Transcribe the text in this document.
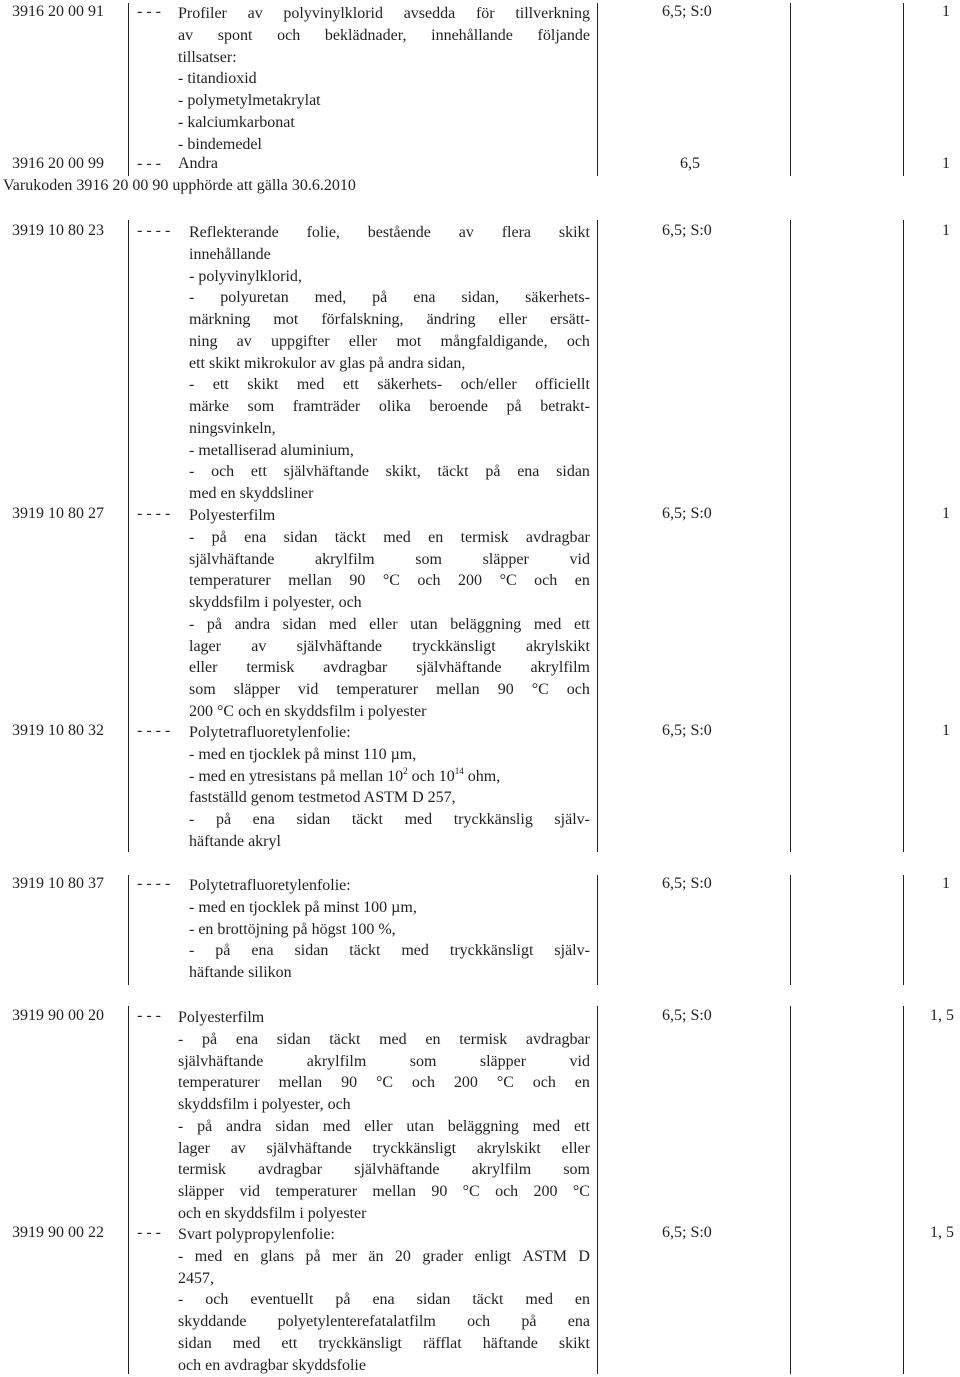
3916 20 00 91 - - - Profiler av polyvinylklorid avsedda för tillverkning
av spont och beklädnader, innehållande följande
tillsatser:
- titandioxid
- polymetylmetakrylat
- kalciumkarbonat
- bindemedel
6,5; S:0	1
3916 20 00 99 - - - Andra	6,5	1
Varukoden 3916 20 00 90 upphörde att gälla 30.6.2010
3919 10 80 23 - - - - Reflekterande folie, bestående av flera skikt
innehållande
- polyvinylklorid,
- polyuretan med, på ena sidan, säkerhets-
märkning mot förfalskning, ändring eller ersätt-
ning av uppgifter eller mot mångfaldigande, och
ett skikt mikrokulor av glas på andra sidan,
- ett skikt med ett säkerhets- och/eller officiellt
märke som framträder olika beroende på betrakt-
ningsvinkeln,
- metalliserad aluminium,
- och ett självhäftande skikt, täckt på ena sidan
med en skyddsliner
6,5; S:0	1
3919 10 80 27 - - - - Polyesterfilm
- på ena sidan täckt med en termisk avdragbar
självhäftande	akrylfilm	som	släpper	vid
temperaturer mellan 90 °C och 200 °C och en
skyddsfilm i polyester, och
- på andra sidan med eller utan beläggning med ett
lager av självhäftande tryckkänsligt akrylskikt
eller termisk avdragbar självhäftande akrylfilm
som släpper vid temperaturer mellan 90 °C och
200 °C och en skyddsfilm i polyester
6,5; S:0	1
3919 10 80 32 - - - - Polytetrafluoretylenfolie:
- med en tjocklek på minst 110 µm,
- med en ytresistans på mellan $10^2$ och $10^{14}$ ohm,
fastställd genom testmetod ASTM D 257,
- på ena sidan täckt med tryckkänslig själv-
häftande akryl
6,5; S:0	1
3919 10 80 37 - - - - Polytetrafluoretylenfolie:
- med en tjocklek på minst 100 µm,
- en brottöjning på högst 100 %,
- på ena sidan täckt med tryckkänsligt själv-
häftande silikon
6,5; S:0	1
3919 90 00 20 - - - Polyesterfilm
- på ena sidan täckt med en termisk avdragbar
självhäftande	akrylfilm	som	släpper	vid
temperaturer mellan 90 °C och 200 °C och en
skyddsfilm i polyester, och
- på andra sidan med eller utan beläggning med ett
lager av självhäftande tryckkänsligt akrylskikt eller
termisk avdragbar självhäftande akrylfilm som
släpper vid temperaturer mellan 90 °C och 200 °C
och en skyddsfilm i polyester
6,5; S:0	1, 5
3919 90 00 22 - - - Svart polypropylenfolie:
- med en glans på mer än 20 grader enligt ASTM D
2457,
- och eventuellt på ena sidan täckt med en
skyddande polyetylenterefatalatfilm och på ena
sidan med ett tryckkänsligt räfflat häftande skikt
och en avdragbar skyddsfolie
6,5; S:0	1, 5
